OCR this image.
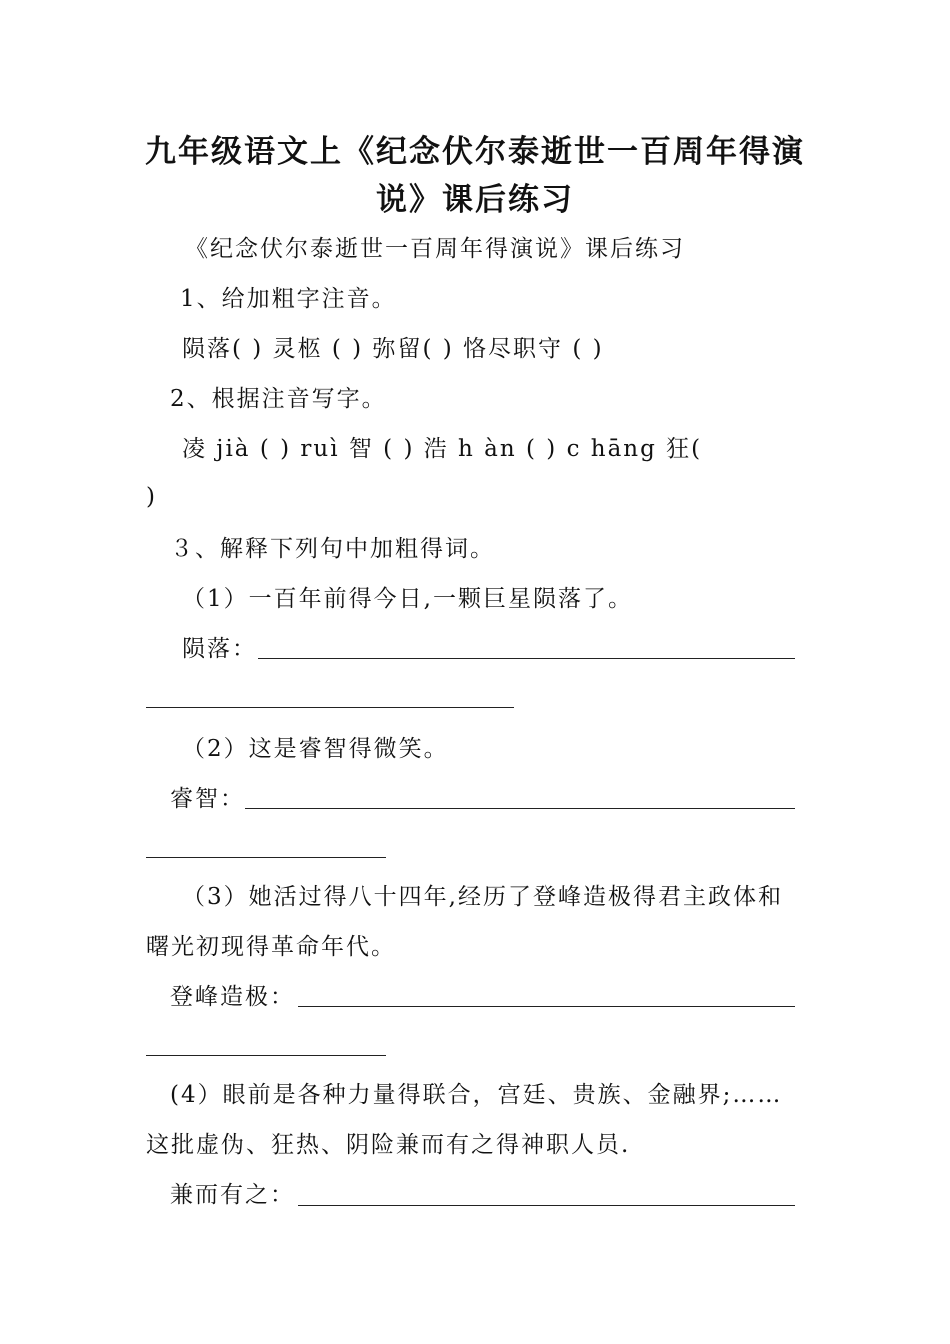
九年级语文上《纪念伏尔泰逝世一百周年得演
说》课后练习
《纪念伏尔泰逝世一百周年得演说》课后练习
1、给加粗字注音。
陨落( ) 灵柩 ( ) 弥留( ) 恪尽职守 ( )
2、根据注音写字。
凌 jià ( ) ruì 智 ( ) 浩 h àn ( ) c hāng 狂(
)
３、解释下列句中加粗得词。
（1）一百年前得今日,一颗巨星陨落了。
陨落：
（2）这是睿智得微笑。
睿智：
（3）她活过得八十四年,经历了登峰造极得君主政体和
曙光初现得革命年代。
登峰造极：
(4）眼前是各种力量得联合，宫廷、贵族、金融界;……
这批虚伪、狂热、阴险兼而有之得神职人员.
兼而有之：
